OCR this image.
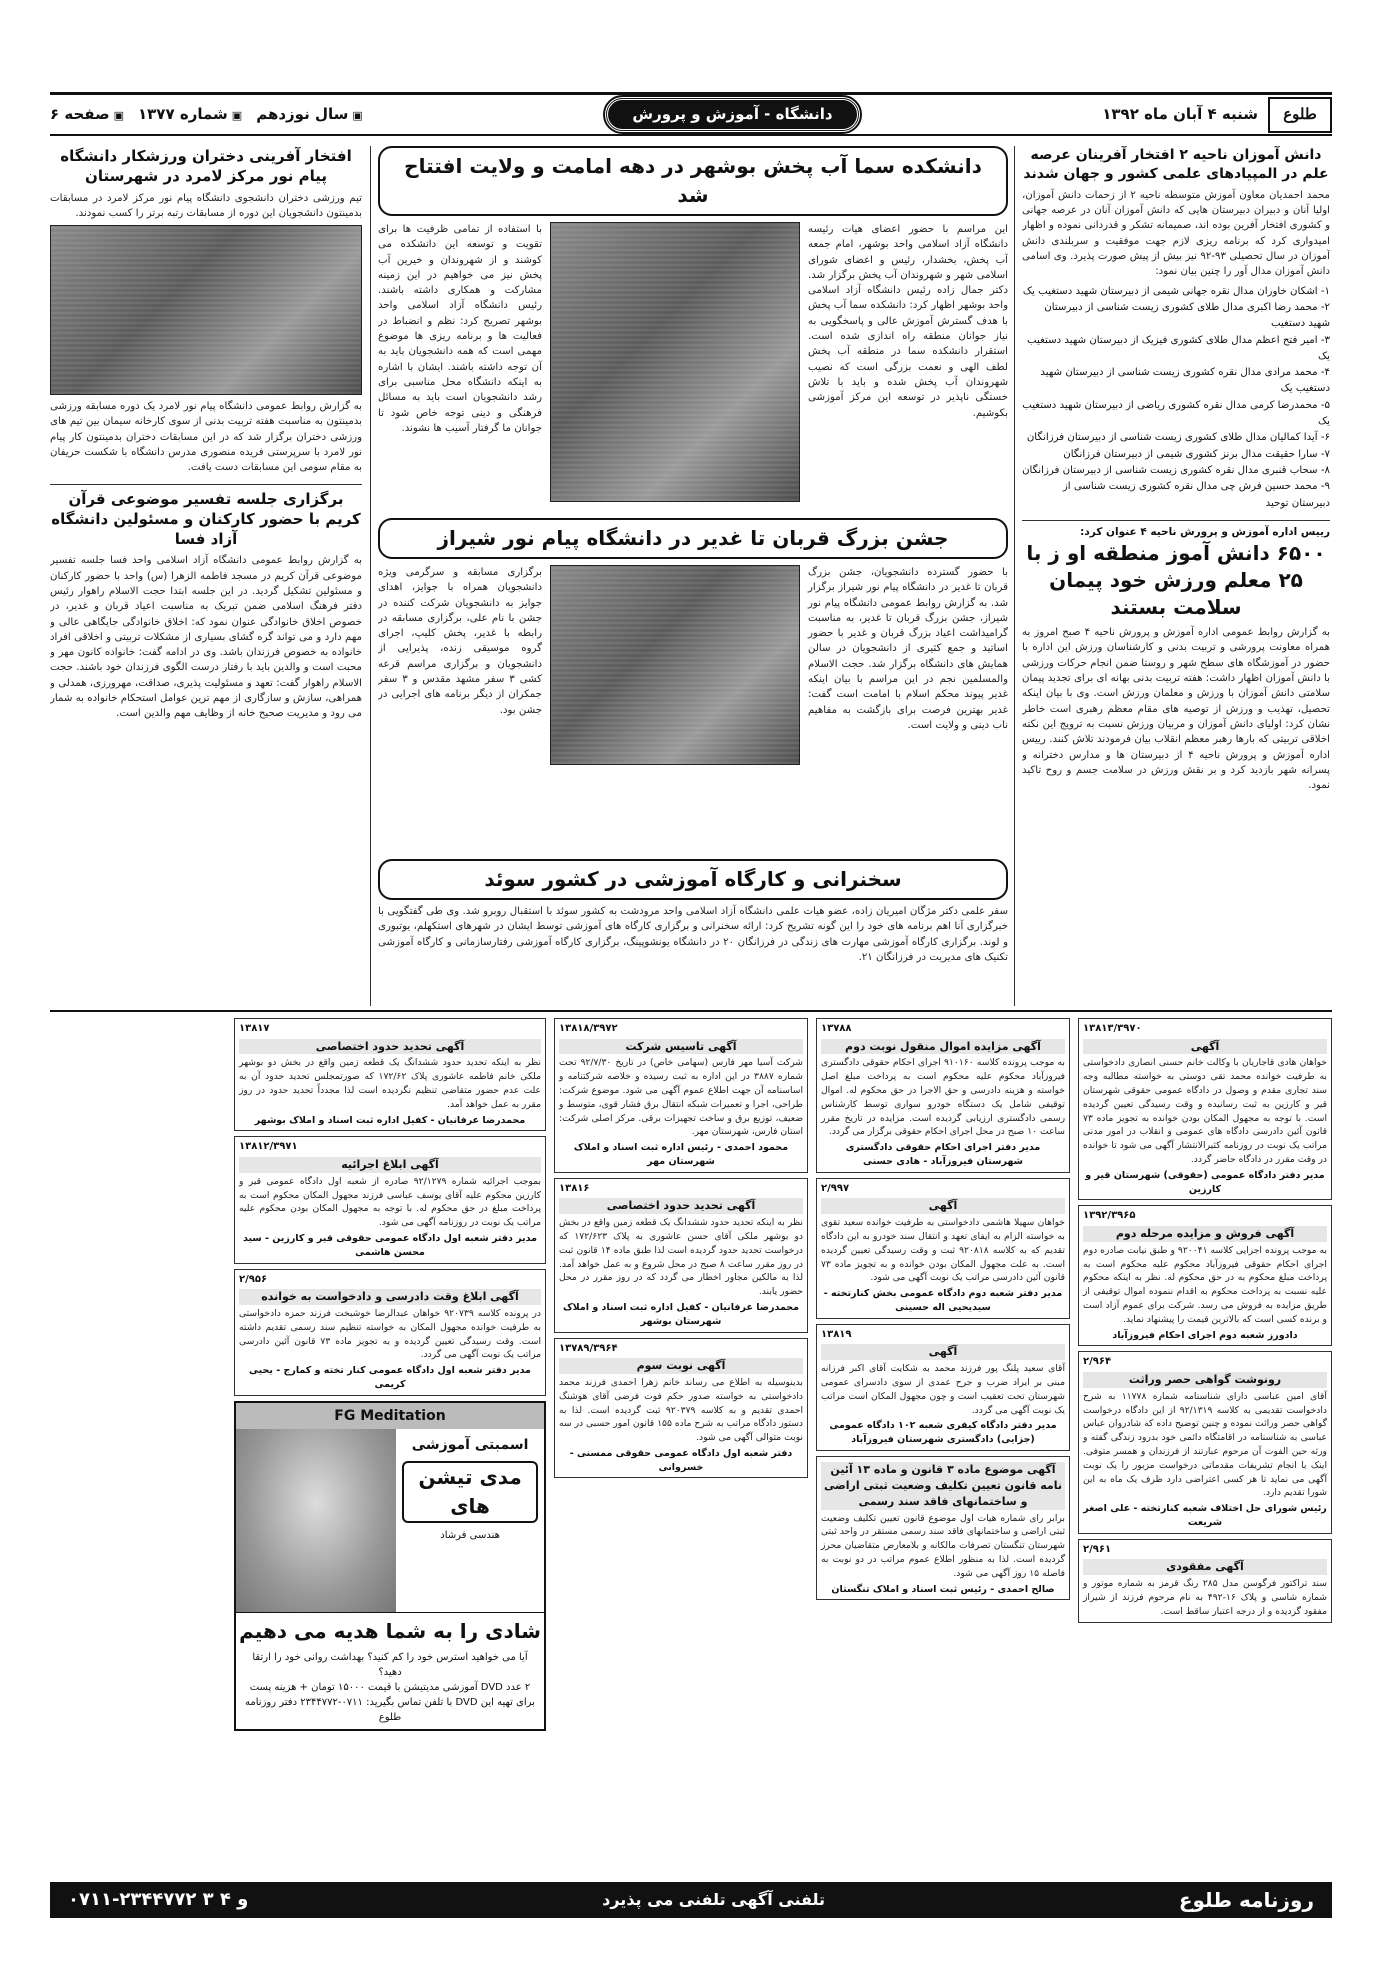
طلوع
شنبه ۴ آبان ماه ۱۳۹۲
دانشگاه - آموزش و پرورش
▣ سال نوزدهم
▣ شماره ۱۳۷۷
▣ صفحه ۶
دانش آموزان ناحیه ۲ افتخار آفرینان عرصه علم در المپیادهای علمی کشور و جهان شدند

محمد احمدیان معاون آموزش متوسطه ناحیه ۲ از زحمات دانش آموزان، اولیا آنان و دبیران دبیرستان هایی که دانش آموزان آنان در عرصه جهانی و کشوری افتخار آفرین بوده اند، صمیمانه تشکر و قدردانی نموده و اظهار امیدواری کرد که برنامه ریزی لازم جهت موفقیت و سربلندی دانش آموزان در سال تحصیلی ۹۳-۹۲ نیز بیش از پیش صورت پذیرد. وی اسامی دانش آموزان مدال آور را چنین بیان نمود:

۱- اشکان خاوران مدال نقره جهانی شیمی از دبیرستان شهید دستغیب یک

۲- محمد رضا اکبری مدال طلای کشوری زیست شناسی از دبیرستان شهید دستغیب

۳- امیر فتح اعظم مدال طلای کشوری فیزیک از دبیرستان شهید دستغیب یک

۴- محمد مرادی مدال نقره کشوری زیست شناسی از دبیرستان شهید دستغیب یک

۵- محمدرضا کرمی مدال نقره کشوری ریاضی از دبیرستان شهید دستغیب یک

۶- آیدا کمالیان مدال طلای کشوری زیست شناسی از دبیرستان فرزانگان

۷- سارا حقیقت مدال برنز کشوری شیمی از دبیرستان فرزانگان

۸- سحاب قنبری مدال نقره کشوری زیست شناسی از دبیرستان فرزانگان

۹- محمد حسین فرش چی مدال نقره کشوری زیست شناسی از دبیرستان توحید

رییس اداره آموزش و پرورش ناحیه ۴ عنوان کرد:
۶۵۰۰ دانش آموز منطقه او ز با ۲۵ معلم ورزش خود پیمان سلامت بستند

به گزارش روابط عمومی اداره آموزش و پرورش ناحیه ۴ صبح امروز به همراه معاونت پرورشی و تربیت بدنی و کارشناسان ورزش این اداره با حضور در آموزشگاه های سطح شهر و روستا ضمن انجام حرکات ورزشی با دانش آموزان اظهار داشت: هفته تربیت بدنی بهانه ای برای تجدید پیمان سلامتی دانش آموزان با ورزش و معلمان ورزش است. وی با بیان اینکه تحصیل، تهذیب و ورزش از توصیه های مقام معظم رهبری است خاطر نشان کرد: اولیای دانش آموزان و مربیان ورزش نسبت به ترویج این نکته اخلاقی تربیتی که بارها رهبر معظم انقلاب بیان فرمودند تلاش کنند. رییس اداره آموزش و پرورش ناحیه ۴ از دبیرستان ها و مدارس دخترانه و پسرانه شهر بازدید کرد و بر نقش ورزش در سلامت جسم و روح تاکید نمود.

دانشکده سما آب پخش بوشهر در دهه امامت و ولایت افتتاح شد

این مراسم با حضور اعضای هیات رئیسه دانشگاه آزاد اسلامی واحد بوشهر، امام جمعه آب پخش، بخشدار، رئیس و اعضای شورای اسلامی شهر و شهروندان آب پخش برگزار شد. دکتر جمال زاده رئیس دانشگاه آزاد اسلامی واحد بوشهر اظهار کرد: دانشکده سما آب پخش با هدف گسترش آموزش عالی و پاسخگویی به نیاز جوانان منطقه راه اندازی شده است. استقرار دانشکده سما در منطقه آب پخش لطف الهی و نعمت بزرگی است که نصیب شهروندان آب پخش شده و باید با تلاش خستگی ناپذیر در توسعه این مرکز آموزشی بکوشیم.

با استفاده از تمامی ظرفیت ها برای تقویت و توسعه این دانشکده می کوشند و از شهروندان و خیرین آب پخش نیز می خواهیم در این زمینه مشارکت و همکاری داشته باشند. رئیس دانشگاه آزاد اسلامی واحد بوشهر تصریح کرد: نظم و انضباط در فعالیت ها و برنامه ریزی ها موضوع مهمی است که همه دانشجویان باید به آن توجه داشته باشند. ایشان با اشاره به اینکه دانشگاه محل مناسبی برای رشد دانشجویان است باید به مسائل فرهنگی و دینی توجه خاص شود تا جوانان ما گرفتار آسیب ها نشوند.

جشن بزرگ قربان تا غدیر در دانشگاه پیام نور شیراز

با حضور گسترده دانشجویان، جشن بزرگ قربان تا غدیر در دانشگاه پیام نور شیراز برگزار شد. به گزارش روابط عمومی دانشگاه پیام نور شیراز، جشن بزرگ قربان تا غدیر، به مناسبت گرامیداشت اعیاد بزرگ قربان و غدیر با حضور اساتید و جمع کثیری از دانشجویان در سالن همایش های دانشگاه برگزار شد. حجت الاسلام والمسلمین نجم در این مراسم با بیان اینکه غدیر پیوند محکم اسلام با امامت است گفت: غدیر بهترین فرصت برای بازگشت به مفاهیم ناب دینی و ولایت است.

برگزاری مسابقه و سرگرمی ویژه دانشجویان همراه با جوایز، اهدای جوایز به دانشجویان شرکت کننده در جشن با نام علی، برگزاری مسابقه در رابطه با غدیر، پخش کلیپ، اجرای گروه موسیقی زنده، پذیرایی از دانشجویان و برگزاری مراسم قرعه کشی ۳ سفر مشهد مقدس و ۳ سفر جمکران از دیگر برنامه های اجرایی در جشن بود.

سخنرانی و کارگاه آموزشی در کشور سوئد

سفر علمی دکتر مژگان امیریان زاده، عضو هیات علمی دانشگاه آزاد اسلامی واحد مرودشت به کشور سوئد با استقبال روبرو شد. وی طی گفتگویی با خبرگزاری آنا اهم برنامه های خود را این گونه تشریح کرد: ارائه سخنرانی و برگزاری کارگاه های آموزشی توسط ایشان در شهرهای استکهلم، یوتبوری و لوند. برگزاری کارگاه آموزشی مهارت های زندگی در فرزانگان ۲۰ در دانشگاه یونشوپینگ، برگزاری کارگاه آموزشی رفتارسازمانی و کارگاه آموزشی تکنیک های مدیریت در فرزانگان ۲۱.

افتخار آفرینی دختران ورزشکار دانشگاه پیام نور مرکز لامرد در شهرستان

تیم ورزشی دختران دانشجوی دانشگاه پیام نور مرکز لامرد در مسابقات بدمینتون دانشجویان این دوره از مسابقات رتبه برتر را کسب نمودند.

به گزارش روابط عمومی دانشگاه پیام نور لامرد یک دوره مسابقه ورزشی بدمینتون به مناسبت هفته تربیت بدنی از سوی کارخانه سیمان بین تیم های ورزشی دختران برگزار شد که در این مسابقات دختران بدمینتون کار پیام نور لامرد با سرپرستی فریده منصوری مدرس دانشگاه با شکست حریفان به مقام سومی این مسابقات دست یافت.

برگزاری جلسه تفسیر موضوعی قرآن کریم با حضور کارکنان و مسئولین دانشگاه آزاد فسا

به گزارش روابط عمومی دانشگاه آزاد اسلامی واحد فسا جلسه تفسیر موضوعی قرآن کریم در مسجد فاطمه الزهرا (س) واحد با حضور کارکنان و مسئولین تشکیل گردید. در این جلسه ابتدا حجت الاسلام راهوار رئیس دفتر فرهنگ اسلامی ضمن تبریک به مناسبت اعیاد قربان و غدیر، در خصوص اخلاق خانوادگی عنوان نمود که: اخلاق خانوادگی جایگاهی عالی و مهم دارد و می تواند گره گشای بسیاری از مشکلات تربیتی و اخلاقی افراد خانواده به خصوص فرزندان باشد. وی در ادامه گفت: خانواده کانون مهر و محبت است و والدین باید با رفتار درست الگوی فرزندان خود باشند. حجت الاسلام راهوار گفت: تعهد و مسئولیت پذیری، صداقت، مهرورزی، همدلی و همراهی، سازش و سازگاری از مهم ترین عوامل استحکام خانواده به شمار می رود و مدیریت صحیح خانه از وظایف مهم والدین است.

۱۳۸۱۳/۳۹۷۰
آگهی
خواهان هادی قاجاریان با وکالت خانم حسنی انصاری دادخواستی به طرفیت خوانده محمد تقی دوستی به خواسته مطالبه وجه سند تجاری مقدم و وصول در دادگاه عمومی حقوقی شهرستان قیر و کارزین به ثبت رسانیده و وقت رسیدگی تعیین گردیده است. با توجه به مجهول المکان بودن خوانده به تجویز ماده ۷۳ قانون آئین دادرسی دادگاه های عمومی و انقلاب در امور مدنی مراتب یک نوبت در روزنامه کثیرالانتشار آگهی می شود تا خوانده در وقت مقرر در دادگاه حاضر گردد.
مدیر دفتر دادگاه عمومی (حقوقی) شهرستان قیر و کارزین
۱۳۹۲/۳۹۶۵
آگهی فروش و مزایده مرحله دوم
به موجب پرونده اجرایی کلاسه ۹۲۰۰۴۱ و طبق نیابت صادره دوم اجرای احکام حقوقی فیروزآباد محکوم علیه محکوم است به پرداخت مبلغ محکوم به در حق محکوم له. نظر به اینکه محکوم علیه نسبت به پرداخت محکوم به اقدام ننموده اموال توقیفی از طریق مزایده به فروش می رسد. شرکت برای عموم آزاد است و برنده کسی است که بالاترین قیمت را پیشنهاد نماید.
دادورز شعبه دوم اجرای احکام فیروزآباد
۲/۹۶۴
رونوشت گواهی حصر وراثت
آقای امین عباسی دارای شناسنامه شماره ۱۱۷۷۸ به شرح دادخواست تقدیمی به کلاسه ۹۲/۱۳۱۹ از این دادگاه درخواست گواهی حصر وراثت نموده و چنین توضیح داده که شادروان عباس عباسی به شناسنامه در اقامتگاه دائمی خود بدرود زندگی گفته و ورثه حین الفوت آن مرحوم عبارتند از فرزندان و همسر متوفی. اینک با انجام تشریفات مقدماتی درخواست مزبور را یک نوبت آگهی می نماید تا هر کسی اعتراضی دارد ظرف یک ماه به این شورا تقدیم دارد.
رئیس شورای حل اختلاف شعبه کنارتخته - علی اصغر شریعت
۲/۹۶۱
آگهی مفقودی
سند تراکتور فرگوسن مدل ۲۸۵ رنگ قرمز به شماره موتور و شماره شاسی و پلاک ۱۶-۴۹۲ به نام مرحوم فرزند از شیراز مفقود گردیده و از درجه اعتبار ساقط است.
۱۳۷۸۸
آگهی مزایده اموال منقول نوبت دوم
به موجب پرونده کلاسه ۹۱۰۱۶۰ اجرای احکام حقوقی دادگستری فیروزآباد محکوم علیه محکوم است به پرداخت مبلغ اصل خواسته و هزینه دادرسی و حق الاجرا در حق محکوم له. اموال توقیفی شامل یک دستگاه خودرو سواری توسط کارشناس رسمی دادگستری ارزیابی گردیده است. مزایده در تاریخ مقرر ساعت ۱۰ صبح در محل اجرای احکام حقوقی برگزار می گردد.
مدیر دفتر اجرای احکام حقوقی دادگستری شهرستان فیروزآباد - هادی حسنی
۲/۹۹۷
آگهی
خواهان سهیلا هاشمی دادخواستی به طرفیت خوانده سعید تقوی به خواسته الزام به ایفای تعهد و انتقال سند خودرو به این دادگاه تقدیم که به کلاسه ۹۲۰۸۱۸ ثبت و وقت رسیدگی تعیین گردیده است. به علت مجهول المکان بودن خوانده و به تجویز ماده ۷۳ قانون آئین دادرسی مراتب یک نوبت آگهی می شود.
مدیر دفتر شعبه دوم دادگاه عمومی بخش کنارتخته - سیدیحیی اله حسینی
۱۳۸۱۹
آگهی
آقای سعید پلنگ پور فرزند محمد به شکایت آقای اکبر فرزانه مبنی بر ایراد ضرب و جرح عمدی از سوی دادسرای عمومی شهرستان تحت تعقیب است و چون مجهول المکان است مراتب یک نوبت آگهی می گردد.
مدیر دفتر دادگاه کیفری شعبه ۱۰۲ دادگاه عمومی (جزایی) دادگستری شهرستان فیروزآباد
آگهی موضوع ماده ۳ قانون و ماده ۱۳ آئین نامه قانون تعیین تکلیف وضعیت ثبتی اراضی و ساختمانهای فاقد سند رسمی
برابر رای شماره هیات اول موضوع قانون تعیین تکلیف وضعیت ثبتی اراضی و ساختمانهای فاقد سند رسمی مستقر در واحد ثبتی شهرستان تنگستان تصرفات مالکانه و بلامعارض متقاضیان محرز گردیده است. لذا به منظور اطلاع عموم مراتب در دو نوبت به فاصله ۱۵ روز آگهی می شود.
صالح احمدی - رئیس ثبت اسناد و املاک تنگستان
۱۳۸۱۸/۳۹۷۲
آگهی تاسیس شرکت
شرکت آسیا مهر فارس (سهامی خاص) در تاریخ ۹۲/۷/۳۰ تحت شماره ۳۸۸۷ در این اداره به ثبت رسیده و خلاصه شرکتنامه و اساسنامه آن جهت اطلاع عموم آگهی می شود. موضوع شرکت: طراحی، اجرا و تعمیرات شبکه انتقال برق فشار قوی، متوسط و ضعیف، توزیع برق و ساخت تجهیزات برقی. مرکز اصلی شرکت: استان فارس، شهرستان مهر.
محمود احمدی - رئیس اداره ثبت اسناد و املاک شهرستان مهر
۱۳۸۱۶
آگهی تحدید حدود اختصاصی
نظر به اینکه تحدید حدود ششدانگ یک قطعه زمین واقع در بخش دو بوشهر ملکی آقای حسن عاشوری به پلاک ۱۷۲/۶۲۳ که درخواست تحدید حدود گردیده است لذا طبق ماده ۱۴ قانون ثبت در روز مقرر ساعت ۸ صبح در محل شروع و به عمل خواهد آمد. لذا به مالکین مجاور اخطار می گردد که در روز مقرر در محل حضور یابند.
محمدرضا عرفانیان - کفیل اداره ثبت اسناد و املاک شهرستان بوشهر
۱۳۷۸۹/۳۹۶۴
آگهی نوبت سوم
بدینوسیله به اطلاع می رساند خانم زهرا احمدی فرزند محمد دادخواستی به خواسته صدور حکم فوت فرضی آقای هوشنگ احمدی تقدیم و به کلاسه ۹۲۰۳۷۹ ثبت گردیده است. لذا به دستور دادگاه مراتب به شرح ماده ۱۵۵ قانون امور حسبی در سه نوبت متوالی آگهی می شود.
دفتر شعبه اول دادگاه عمومی حقوقی ممسنی - خسروانی
۱۳۸۱۷
آگهی تحدید حدود اختصاصی
نظر به اینکه تحدید حدود ششدانگ یک قطعه زمین واقع در بخش دو بوشهر ملکی خانم فاطمه عاشوری پلاک ۱۷۲/۶۲ که صورتمجلس تحدید حدود آن به علت عدم حضور متقاضی تنظیم نگردیده است لذا مجدداً تحدید حدود در روز مقرر به عمل خواهد آمد.
محمدرضا عرفانیان - کفیل اداره ثبت اسناد و املاک بوشهر
۱۳۸۱۲/۳۹۷۱
آگهی ابلاغ اجرائیه
بموجب اجرائیه شماره ۹۲/۱۲۷۹ صادره از شعبه اول دادگاه عمومی قیر و کارزین محکوم علیه آقای یوسف عباسی فرزند مجهول المکان محکوم است به پرداخت مبلغ در حق محکوم له. با توجه به مجهول المکان بودن محکوم علیه مراتب یک نوبت در روزنامه آگهی می شود.
مدیر دفتر شعبه اول دادگاه عمومی حقوقی قیر و کارزین - سید محسن هاشمی
۲/۹۵۶
آگهی ابلاغ وقت دادرسی و دادخواست به خوانده
در پرونده کلاسه ۹۲۰۷۳۹ خواهان عبدالرضا خوشبخت فرزند حمزه دادخواستی به طرفیت خوانده مجهول المکان به خواسته تنظیم سند رسمی تقدیم داشته است. وقت رسیدگی تعیین گردیده و به تجویز ماده ۷۳ قانون آئین دادرسی مراتب یک نوبت آگهی می گردد.
مدیر دفتر شعبه اول دادگاه عمومی کنار تخته و کمارج - یحیی کریمی
FG Meditation
اسمبتی آموزشی
مدی تیشن های
هندسی فرشاد
شادی را به شما هدیه می دهیم
آیا می خواهید استرس خود را کم کنید؟ بهداشت روانی خود را ارتقا دهید؟
۲ عدد DVD آموزشی مدیتیشن با قیمت ۱۵۰۰۰ تومان + هزینه پست
برای تهیه این DVD با تلفن تماس بگیرید: ۰۷۱۱-۲۳۴۴۷۷۲ دفتر روزنامه طلوع
روزنامه طلوع
تلفنی آگهی تلفنی می پذیرد
۰۷۱۱-۲۳۴۴۷۷۲ ۳ و ۴
